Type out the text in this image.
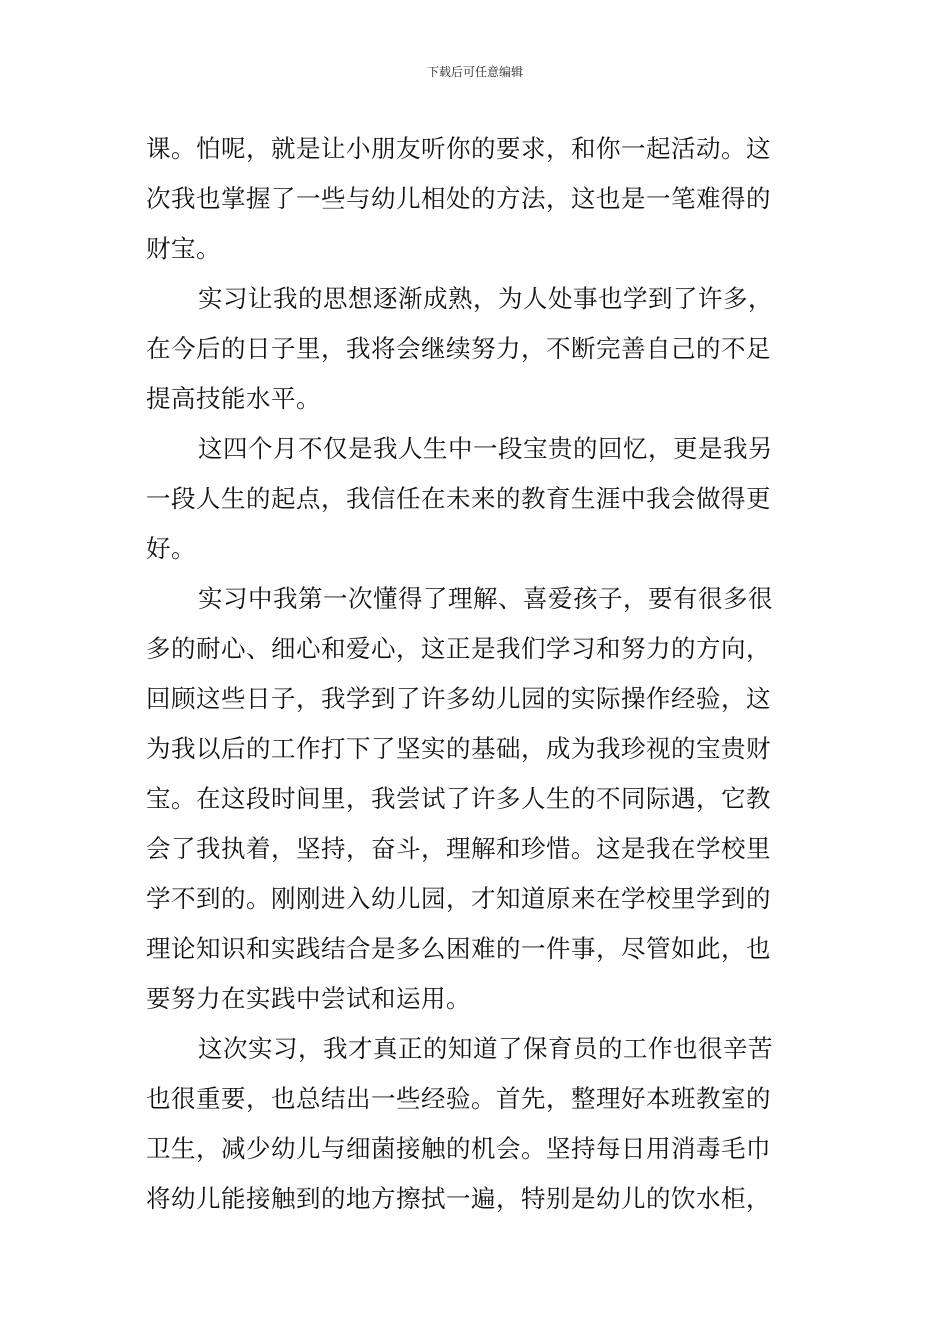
下载后可任意编辑
课。怕呢，就是让小朋友听你的要求，和你一起活动。这
次我也掌握了一些与幼儿相处的方法，这也是一笔难得的
财宝。
实习让我的思想逐渐成熟，为人处事也学到了许多，
在今后的日子里，我将会继续努力，不断完善自己的不足
提高技能水平。
这四个月不仅是我人生中一段宝贵的回忆，更是我另
一段人生的起点，我信任在未来的教育生涯中我会做得更
好。
实习中我第一次懂得了理解、喜爱孩子，要有很多很
多的耐心、细心和爱心，这正是我们学习和努力的方向，
回顾这些日子，我学到了许多幼儿园的实际操作经验，这
为我以后的工作打下了坚实的基础，成为我珍视的宝贵财
宝。在这段时间里，我尝试了许多人生的不同际遇，它教
会了我执着，坚持，奋斗，理解和珍惜。这是我在学校里
学不到的。刚刚进入幼儿园，才知道原来在学校里学到的
理论知识和实践结合是多么困难的一件事，尽管如此，也
要努力在实践中尝试和运用。
这次实习，我才真正的知道了保育员的工作也很辛苦
也很重要，也总结出一些经验。首先，整理好本班教室的
卫生，减少幼儿与细菌接触的机会。坚持每日用消毒毛巾
将幼儿能接触到的地方擦拭一遍，特别是幼儿的饮水柜，
